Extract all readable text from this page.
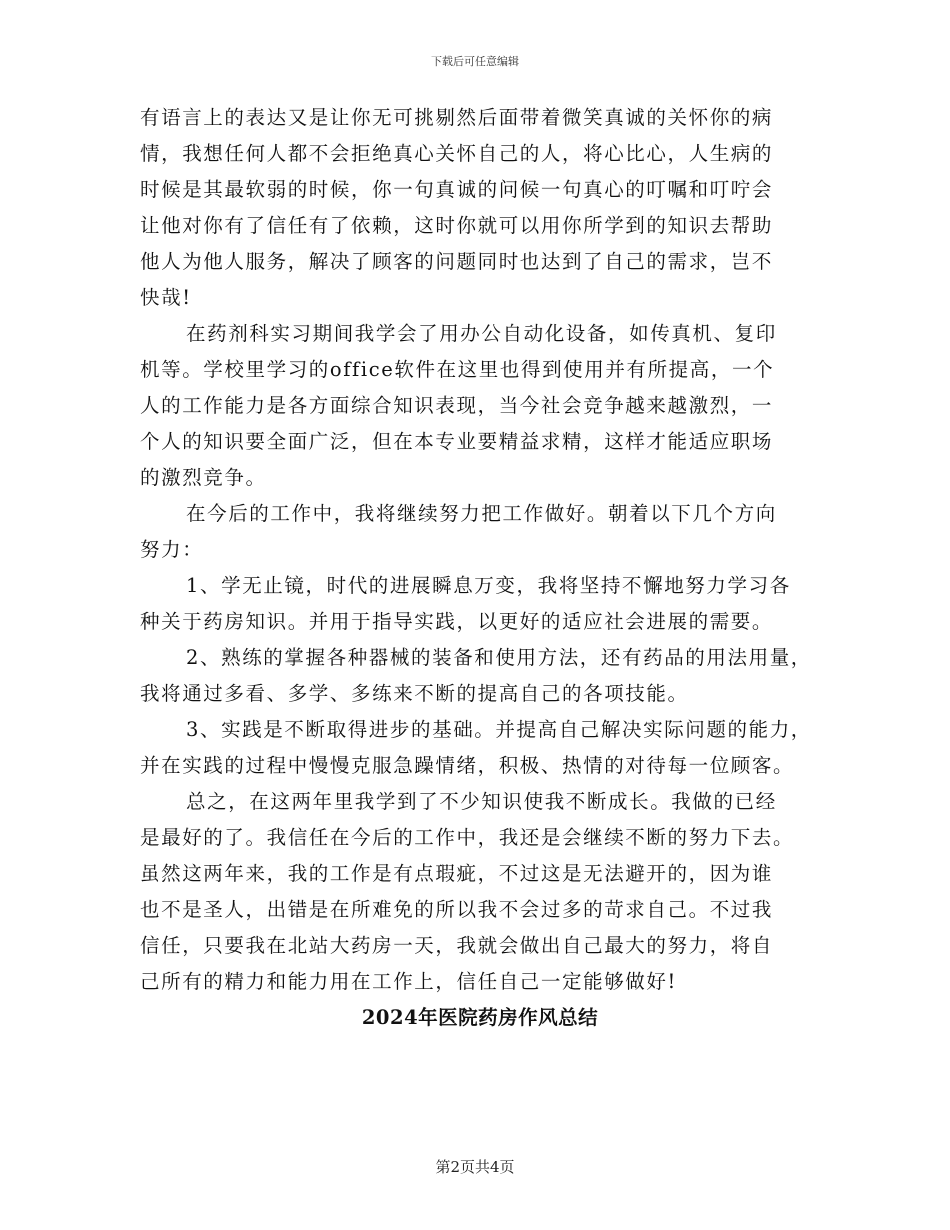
下载后可任意编辑
有语言上的表达又是让你无可挑剔然后面带着微笑真诚的关怀你的病
情，我想任何人都不会拒绝真心关怀自己的人，将心比心，人生病的
时候是其最软弱的时候，你一句真诚的问候一句真心的叮嘱和叮咛会
让他对你有了信任有了依赖，这时你就可以用你所学到的知识去帮助
他人为他人服务，解决了顾客的问题同时也达到了自己的需求，岂不
快哉!
在药剂科实习期间我学会了用办公自动化设备，如传真机、复印
机等。学校里学习的office软件在这里也得到使用并有所提高，一个
人的工作能力是各方面综合知识表现，当今社会竞争越来越激烈，一
个人的知识要全面广泛，但在本专业要精益求精，这样才能适应职场
的激烈竞争。
在今后的工作中，我将继续努力把工作做好。朝着以下几个方向
努力：
1、学无止镜，时代的进展瞬息万变，我将坚持不懈地努力学习各
种关于药房知识。并用于指导实践，以更好的适应社会进展的需要。
2、熟练的掌握各种器械的装备和使用方法，还有药品的用法用量，
我将通过多看、多学、多练来不断的提高自己的各项技能。
3、实践是不断取得进步的基础。并提高自己解决实际问题的能力，
并在实践的过程中慢慢克服急躁情绪，积极、热情的对待每一位顾客。
总之，在这两年里我学到了不少知识使我不断成长。我做的已经
是最好的了。我信任在今后的工作中，我还是会继续不断的努力下去。
虽然这两年来，我的工作是有点瑕疵，不过这是无法避开的，因为谁
也不是圣人，出错是在所难免的所以我不会过多的苛求自己。不过我
信任，只要我在北站大药房一天，我就会做出自己最大的努力，将自
己所有的精力和能力用在工作上，信任自己一定能够做好!
2024年医院药房作风总结
第2页共4页
